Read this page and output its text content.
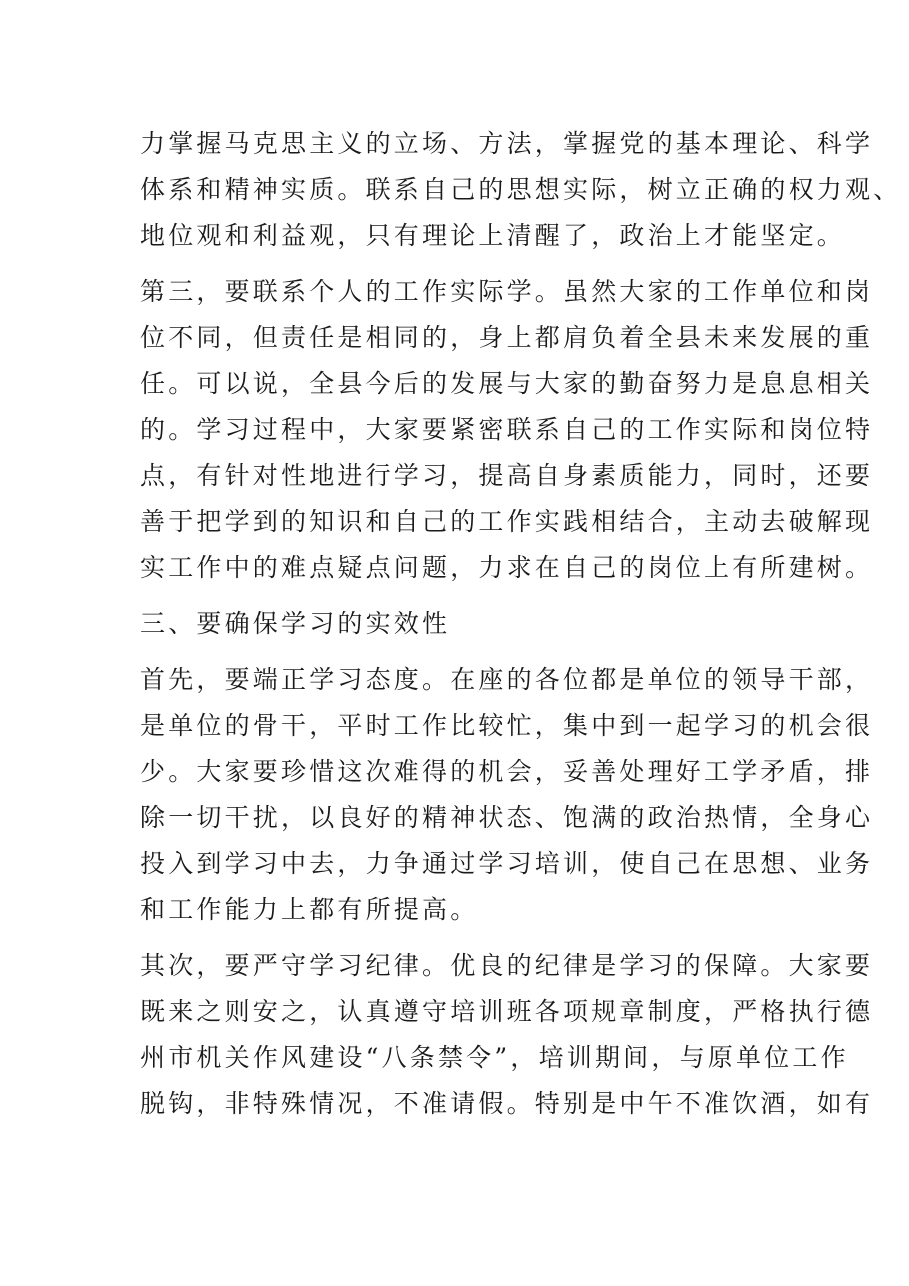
力掌握马克思主义的立场、方法，掌握党的基本理论、科学
体系和精神实质。联系自己的思想实际，树立正确的权力观、
地位观和利益观，只有理论上清醒了，政治上才能坚定。

第三，要联系个人的工作实际学。虽然大家的工作单位和岗
位不同，但责任是相同的，身上都肩负着全县未来发展的重
任。可以说，全县今后的发展与大家的勤奋努力是息息相关
的。学习过程中，大家要紧密联系自己的工作实际和岗位特
点，有针对性地进行学习，提高自身素质能力，同时，还要
善于把学到的知识和自己的工作实践相结合，主动去破解现
实工作中的难点疑点问题，力求在自己的岗位上有所建树。

三、要确保学习的实效性

首先，要端正学习态度。在座的各位都是单位的领导干部，
是单位的骨干，平时工作比较忙，集中到一起学习的机会很
少。大家要珍惜这次难得的机会，妥善处理好工学矛盾，排
除一切干扰，以良好的精神状态、饱满的政治热情，全身心
投入到学习中去，力争通过学习培训，使自己在思想、业务
和工作能力上都有所提高。

其次，要严守学习纪律。优良的纪律是学习的保障。大家要
既来之则安之，认真遵守培训班各项规章制度，严格执行德
州市机关作风建设“八条禁令”，培训期间，与原单位工作
脱钩，非特殊情况，不准请假。特别是中午不准饮酒，如有
